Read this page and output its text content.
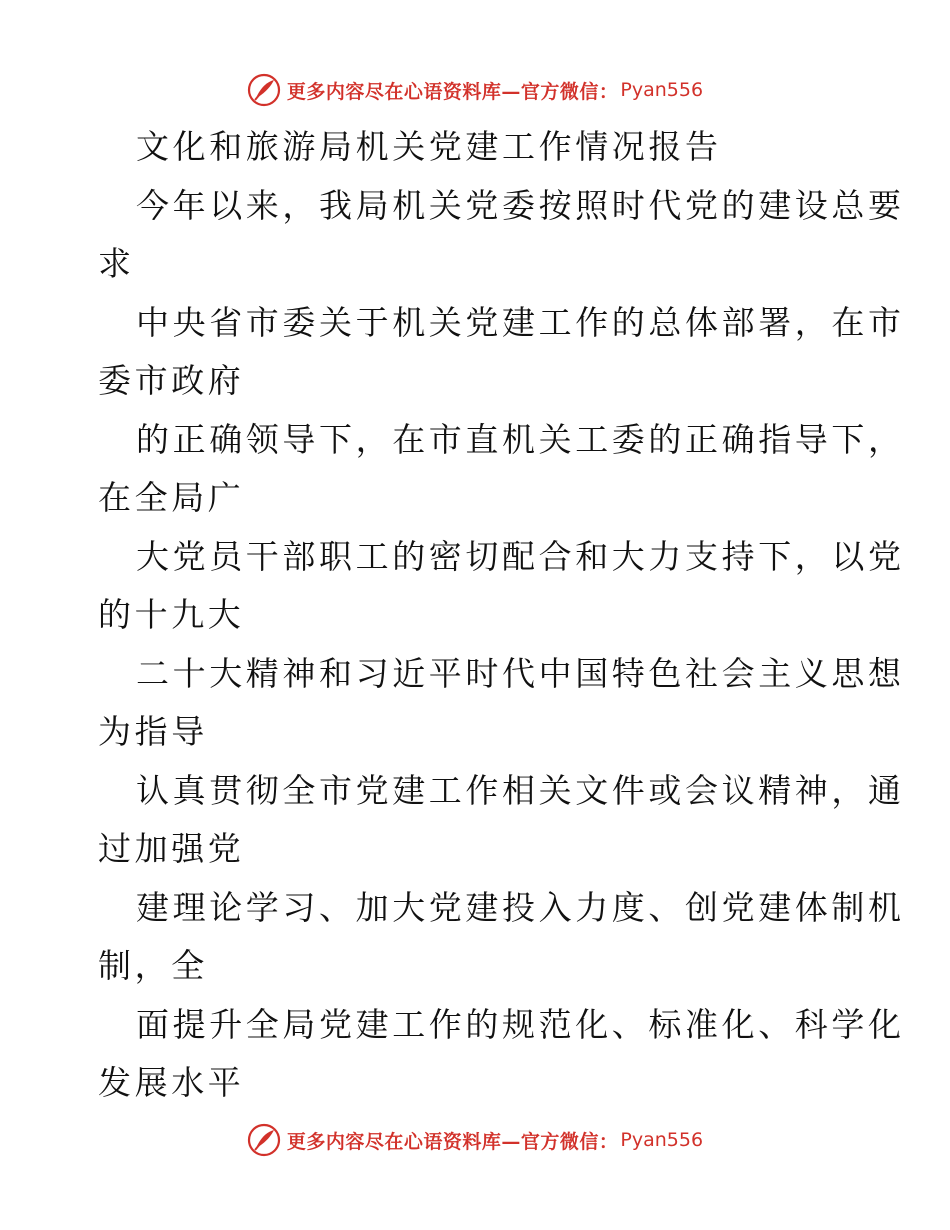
更多内容尽在心语资料库—官方微信： Pyan556
文化和旅游局机关党建工作情况报告
今年以来，我局机关党委按照时代党的建设总要
求
中央省市委关于机关党建工作的总体部署，在市
委市政府
的正确领导下，在市直机关工委的正确指导下，
在全局广
大党员干部职工的密切配合和大力支持下，以党
的十九大
二十大精神和习近平时代中国特色社会主义思想
为指导
认真贯彻全市党建工作相关文件或会议精神，通
过加强党
建理论学习、加大党建投入力度、创党建体制机
制，全
面提升全局党建工作的规范化、标准化、科学化
发展水平
更多内容尽在心语资料库—官方微信： Pyan556
